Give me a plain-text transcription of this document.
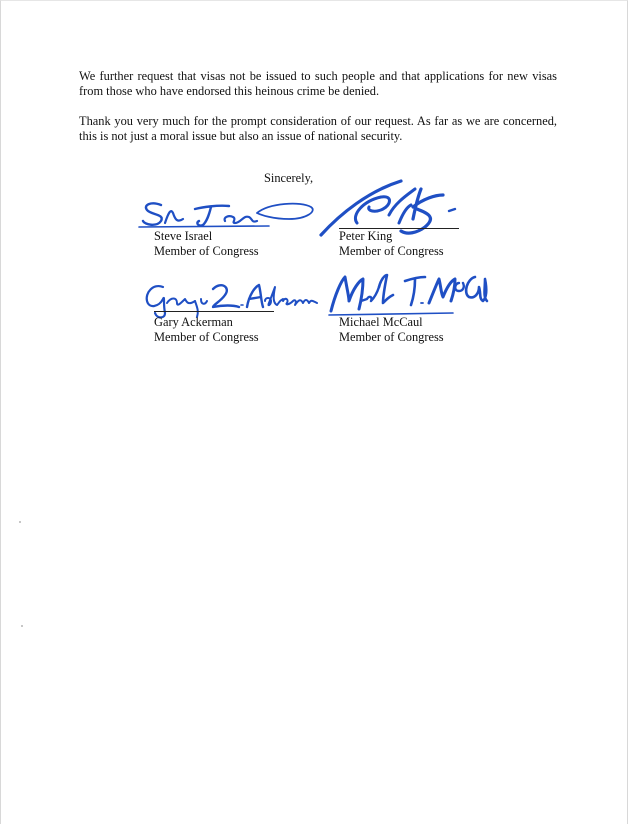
We further request that visas not be issued to such people and that applications for new visas from those who have endorsed this heinous crime be denied.
Thank you very much for the prompt consideration of our request. As far as we are concerned, this is not just a moral issue but also an issue of national security.
Sincerely,
Steve Israel
Member of Congress
Peter King
Member of Congress
Gary Ackerman
Member of Congress
Michael McCaul
Member of Congress
